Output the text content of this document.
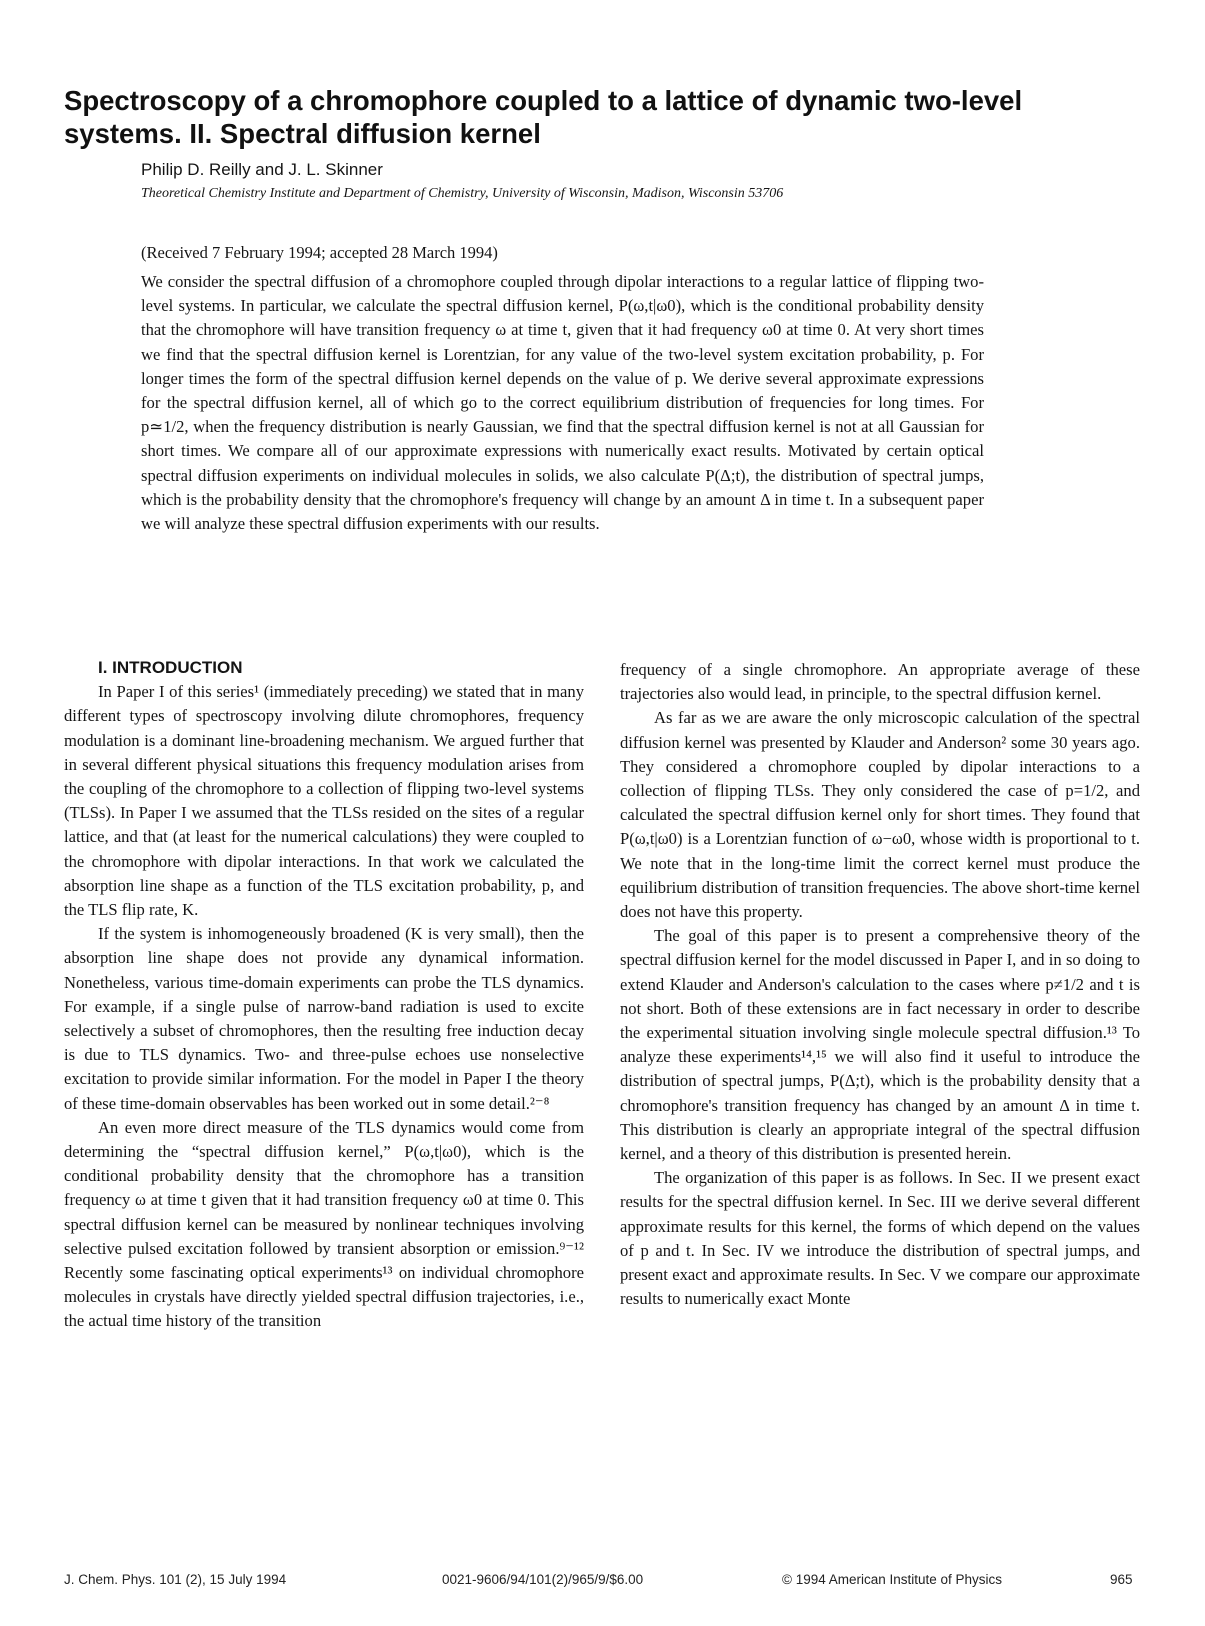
Spectroscopy of a chromophore coupled to a lattice of dynamic two-level systems. II. Spectral diffusion kernel

Philip D. Reilly and J. L. Skinner

Theoretical Chemistry Institute and Department of Chemistry, University of Wisconsin, Madison, Wisconsin 53706

(Received 7 February 1994; accepted 28 March 1994)

We consider the spectral diffusion of a chromophore coupled through dipolar interactions to a regular lattice of flipping two-level systems. In particular, we calculate the spectral diffusion kernel, P(ω,t|ω0), which is the conditional probability density that the chromophore will have transition frequency ω at time t, given that it had frequency ω0 at time 0. At very short times we find that the spectral diffusion kernel is Lorentzian, for any value of the two-level system excitation probability, p. For longer times the form of the spectral diffusion kernel depends on the value of p. We derive several approximate expressions for the spectral diffusion kernel, all of which go to the correct equilibrium distribution of frequencies for long times. For p≃1/2, when the frequency distribution is nearly Gaussian, we find that the spectral diffusion kernel is not at all Gaussian for short times. We compare all of our approximate expressions with numerically exact results. Motivated by certain optical spectral diffusion experiments on individual molecules in solids, we also calculate P(Δ;t), the distribution of spectral jumps, which is the probability density that the chromophore's frequency will change by an amount Δ in time t. In a subsequent paper we will analyze these spectral diffusion experiments with our results.

I. INTRODUCTION

In Paper I of this series¹ (immediately preceding) we stated that in many different types of spectroscopy involving dilute chromophores, frequency modulation is a dominant line-broadening mechanism. We argued further that in several different physical situations this frequency modulation arises from the coupling of the chromophore to a collection of flipping two-level systems (TLSs). In Paper I we assumed that the TLSs resided on the sites of a regular lattice, and that (at least for the numerical calculations) they were coupled to the chromophore with dipolar interactions. In that work we calculated the absorption line shape as a function of the TLS excitation probability, p, and the TLS flip rate, K.

If the system is inhomogeneously broadened (K is very small), then the absorption line shape does not provide any dynamical information. Nonetheless, various time-domain experiments can probe the TLS dynamics. For example, if a single pulse of narrow-band radiation is used to excite selectively a subset of chromophores, then the resulting free induction decay is due to TLS dynamics. Two- and three-pulse echoes use nonselective excitation to provide similar information. For the model in Paper I the theory of these time-domain observables has been worked out in some detail.²⁻⁸

An even more direct measure of the TLS dynamics would come from determining the “spectral diffusion kernel,” P(ω,t|ω0), which is the conditional probability density that the chromophore has a transition frequency ω at time t given that it had transition frequency ω0 at time 0. This spectral diffusion kernel can be measured by nonlinear techniques involving selective pulsed excitation followed by transient absorption or emission.⁹⁻¹² Recently some fascinating optical experiments¹³ on individual chromophore molecules in crystals have directly yielded spectral diffusion trajectories, i.e., the actual time history of the transition

frequency of a single chromophore. An appropriate average of these trajectories also would lead, in principle, to the spectral diffusion kernel.

As far as we are aware the only microscopic calculation of the spectral diffusion kernel was presented by Klauder and Anderson² some 30 years ago. They considered a chromophore coupled by dipolar interactions to a collection of flipping TLSs. They only considered the case of p=1/2, and calculated the spectral diffusion kernel only for short times. They found that P(ω,t|ω0) is a Lorentzian function of ω−ω0, whose width is proportional to t. We note that in the long-time limit the correct kernel must produce the equilibrium distribution of transition frequencies. The above short-time kernel does not have this property.

The goal of this paper is to present a comprehensive theory of the spectral diffusion kernel for the model discussed in Paper I, and in so doing to extend Klauder and Anderson's calculation to the cases where p≠1/2 and t is not short. Both of these extensions are in fact necessary in order to describe the experimental situation involving single molecule spectral diffusion.¹³ To analyze these experiments¹⁴,¹⁵ we will also find it useful to introduce the distribution of spectral jumps, P(Δ;t), which is the probability density that a chromophore's transition frequency has changed by an amount Δ in time t. This distribution is clearly an appropriate integral of the spectral diffusion kernel, and a theory of this distribution is presented herein.

The organization of this paper is as follows. In Sec. II we present exact results for the spectral diffusion kernel. In Sec. III we derive several different approximate results for this kernel, the forms of which depend on the values of p and t. In Sec. IV we introduce the distribution of spectral jumps, and present exact and approximate results. In Sec. V we compare our approximate results to numerically exact Monte

J. Chem. Phys. 101 (2), 15 July 1994	0021-9606/94/101(2)/965/9/$6.00	© 1994 American Institute of Physics	965
